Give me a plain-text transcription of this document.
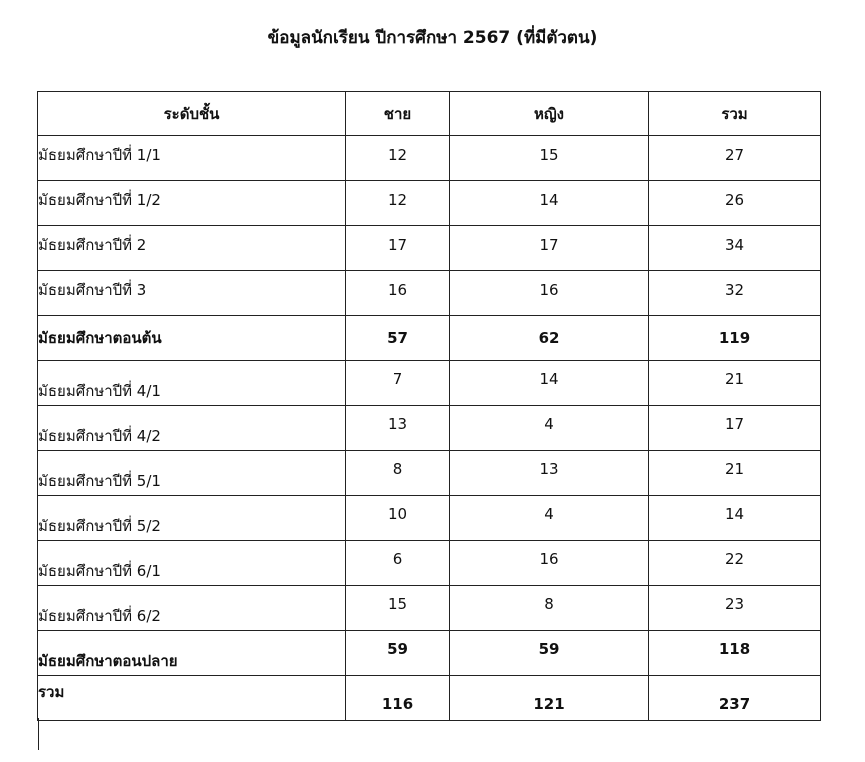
ข้อมูลนักเรียน ปีการศึกษา 2567 (ที่มีตัวตน)
ระดับชั้น	ชาย	หญิง	รวม
มัธยมศึกษาปีที่ 1/1	12	15	27
มัธยมศึกษาปีที่ 1/2	12	14	26
มัธยมศึกษาปีที่ 2	17	17	34
มัธยมศึกษาปีที่ 3	16	16	32
มัธยมศึกษาตอนต้น	57	62	119
มัธยมศึกษาปีที่ 4/1	7	14	21
มัธยมศึกษาปีที่ 4/2	13	4	17
มัธยมศึกษาปีที่ 5/1	8	13	21
มัธยมศึกษาปีที่ 5/2	10	4	14
มัธยมศึกษาปีที่ 6/1	6	16	22
มัธยมศึกษาปีที่ 6/2	15	8	23
มัธยมศึกษาตอนปลาย	59	59	118
รวม	116	121	237
